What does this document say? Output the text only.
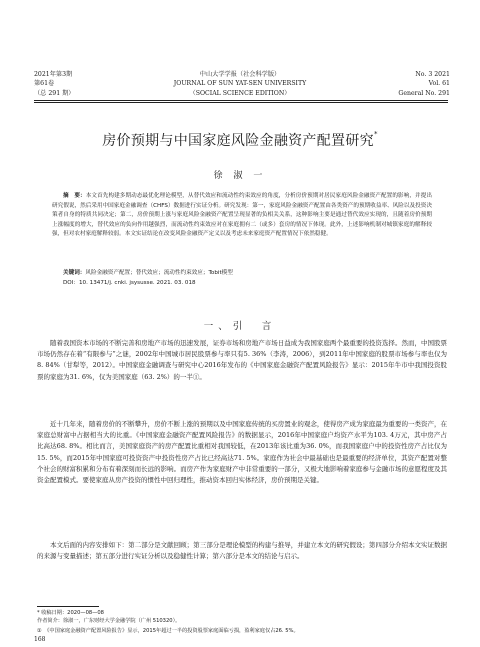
2021年第3期
第61卷
（总 291 期）
中山大学学报（社会科学版）
JOURNAL OF SUN YAT-SEN UNIVERSITY
（SOCIAL SCIENCE EDITION）
No. 3 2021
Vol. 61
General No. 291
房价预期与中国家庭风险金融资产配置研究*
徐 淑 一

摘　要：本文首先构建多期动态最优化理论模型，从替代效应和流动性约束效应的角度，分析房价预期对居民家庭风险金融资产配置的影响，并提出研究假说，然后采用中国家庭金融调查（CHFS）数据进行实证分析。研究发现：第一，家庭风险金融资产配置由各类资产的预期收益率、风险以及投资决策者自身的特质共同决定；第二，房价预期上涨与家庭风险金融资产配置呈现显著的负相关关系，这种影响主要是通过替代效应实现的，且随着房价预期上涨幅度的增大，替代效应的负向作用越强烈，而流动性约束效应对在家庭拥有二（或多）套房的情况下体现。此外，上述影响机制对城镇家庭的解释较强，但对农村家庭解释较弱。本文实证结论在改变风险金融资产定义以及考虑未来家庭资产配置情况下依然稳健。

关键词：风险金融资产配置；替代效应；流动性约束效应；Tobit模型

DOI：10. 13471/j. cnki. jsysusse. 2021. 03. 018

一、引　言

随着我国资本市场的不断完善和房地产市场的迅速发展，证券市场和房地产市场日益成为我国家庭两个最重要的投资选择。然而，中国股票市场仍然存在着“有限参与”之谜，2002年中国城市居民股票参与率只有5. 36%（李涛，2006），到2011年中国家庭的股票市场参与率也仅为8. 84%（甘犁等，2012）。中国家庭金融调查与研究中心2016年发布的《中国家庭金融资产配置风险报告》显示：2015年牛市中我国投资股票的家庭为31. 6%，仅为美国家庭（63. 2%）的一半①。

近十几年来，随着房价的不断攀升，房价不断上涨的预期以及中国家庭传统的买房置业的观念，使得房产成为家庭最为重要的一类资产，在家庭总财富中占据相当大的比重。《中国家庭金融资产配置风险报告》的数据显示，2016年中国家庭户均资产水平为103. 4万元，其中房产占比高达68. 8%。相比而言，美国家庭资产的房产配置比重相对我国较低，在2013年该比重为36. 0%，而我国家庭户中的投资性房产占比仅为15. 5%，而2015年中国家庭可投资资产中投资性房产占比已经高达71. 5%。家庭作为社会中最基础也是最重要的经济单位，其资产配置对整个社会的财富积累和分布有着深刻而长远的影响。而房产作为家庭财产中非常重要的一部分，又极大地影响着家庭参与金融市场的意愿程度及其资金配置模式。要使家庭从房产投资的惯性中回归理性，推动资本回归实体经济，房价预期是关键。

本文后面的内容安排如下：第二部分是文献回顾；第三部分是理论模型的构建与推导，并建立本文的研究假设；第四部分介绍本文实证数据的来源与变量描述；第五部分进行实证分析以及稳健性计算；第六部分是本文的结论与启示。

* 收稿日期：2020—08—08
作者简介：徐淑一，广东财经大学金融学院（广州 510320）。
①　《中国家庭金融资产配置风险报告》显示，2015年超过一半的投资股票家庭面临亏损，盈利家庭仅占26. 5%。
168
